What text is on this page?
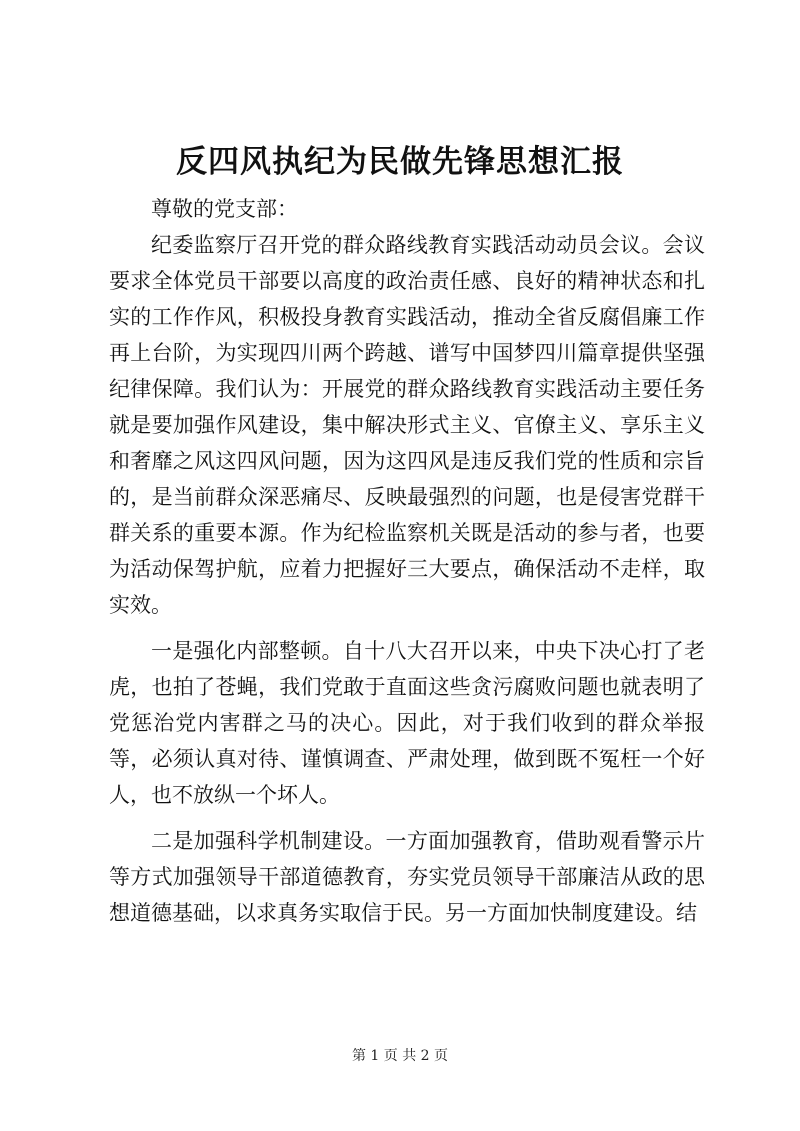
反四风执纪为民做先锋思想汇报

尊敬的党支部：

纪委监察厅召开党的群众路线教育实践活动动员会议。会议要求全体党员干部要以高度的政治责任感、良好的精神状态和扎实的工作作风，积极投身教育实践活动，推动全省反腐倡廉工作再上台阶，为实现四川两个跨越、谱写中国梦四川篇章提供坚强纪律保障。我们认为：开展党的群众路线教育实践活动主要任务就是要加强作风建设，集中解决形式主义、官僚主义、享乐主义和奢靡之风这四风问题，因为这四风是违反我们党的性质和宗旨的，是当前群众深恶痛尽、反映最强烈的问题，也是侵害党群干群关系的重要本源。作为纪检监察机关既是活动的参与者，也要为活动保驾护航，应着力把握好三大要点，确保活动不走样，取实效。

一是强化内部整顿。自十八大召开以来，中央下决心打了老虎，也拍了苍蝇，我们党敢于直面这些贪污腐败问题也就表明了党惩治党内害群之马的决心。因此，对于我们收到的群众举报等，必须认真对待、谨慎调查、严肃处理，做到既不冤枉一个好人，也不放纵一个坏人。

二是加强科学机制建设。一方面加强教育，借助观看警示片等方式加强领导干部道德教育，夯实党员领导干部廉洁从政的思想道德基础，以求真务实取信于民。另一方面加快制度建设。结

第 1 页 共 2 页
